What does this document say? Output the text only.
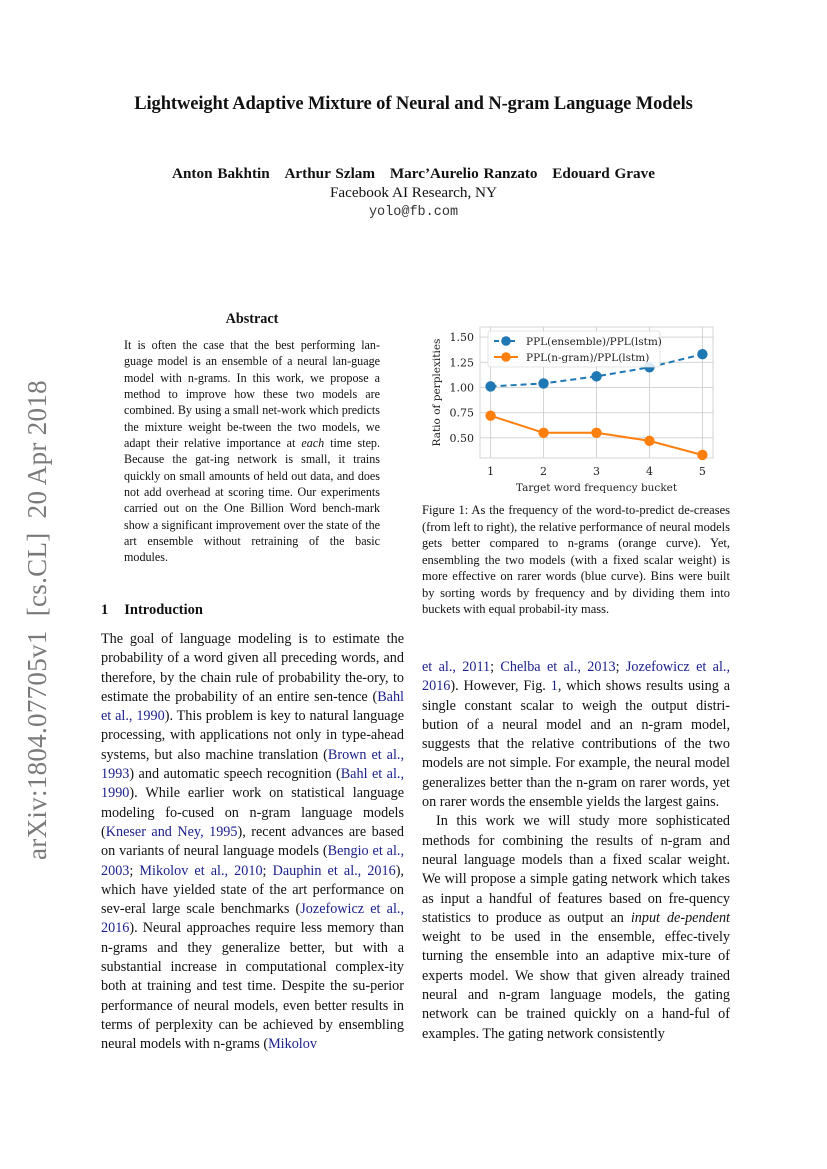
Lightweight Adaptive Mixture of Neural and N-gram Language Models
Anton Bakhtin Arthur Szlam Marc’Aurelio Ranzato Edouard Grave
Facebook AI Research, NY
yolo@fb.com
arXiv:1804.07705v1  [cs.CL]  20 Apr 2018
Abstract
It is often the case that the best performing lan-guage model is an ensemble of a neural lan-guage model with n-grams. In this work, we propose a method to improve how these two models are combined. By using a small net-work which predicts the mixture weight be-tween the two models, we adapt their relative importance at each time step. Because the gat-ing network is small, it trains quickly on small amounts of held out data, and does not add overhead at scoring time. Our experiments carried out on the One Billion Word bench-mark show a significant improvement over the state of the art ensemble without retraining of the basic modules.
1 Introduction

The goal of language modeling is to estimate the probability of a word given all preceding words, and therefore, by the chain rule of probability the-ory, to estimate the probability of an entire sen-tence (Bahl et al., 1990). This problem is key to natural language processing, with applications not only in type-ahead systems, but also machine translation (Brown et al., 1993) and automatic speech recognition (Bahl et al., 1990). While earlier work on statistical language modeling fo-cused on n-gram language models (Kneser and Ney, 1995), recent advances are based on variants of neural language models (Bengio et al., 2003; Mikolov et al., 2010; Dauphin et al., 2016), which have yielded state of the art performance on sev-eral large scale benchmarks (Jozefowicz et al., 2016). Neural approaches require less memory than n-grams and they generalize better, but with a substantial increase in computational complex-ity both at training and test time. Despite the su-perior performance of neural models, even better results in terms of perplexity can be achieved by ensembling neural models with n-grams (Mikolov

0.50
0.75
1.00
1.25
1.50
1	2	3	4	5
Target word frequency bucket
Ratio of perplexities	PPL(ensemble)/PPL(lstm)
PPL(n-gram)/PPL(lstm)
Figure 1: As the frequency of the word-to-predict de-creases (from left to right), the relative performance of neural models gets better compared to n-grams (orange curve). Yet, ensembling the two models (with a fixed scalar weight) is more effective on rarer words (blue curve). Bins were built by sorting words by frequency and by dividing them into buckets with equal probabil-ity mass.

et al., 2011; Chelba et al., 2013; Jozefowicz et al., 2016). However, Fig. 1, which shows results using a single constant scalar to weigh the output distri-bution of a neural model and an n-gram model, suggests that the relative contributions of the two models are not simple. For example, the neural model generalizes better than the n-gram on rarer words, yet on rarer words the ensemble yields the largest gains.

In this work we will study more sophisticated methods for combining the results of n-gram and neural language models than a fixed scalar weight. We will propose a simple gating network which takes as input a handful of features based on fre-quency statistics to produce as output an input de-pendent weight to be used in the ensemble, effec-tively turning the ensemble into an adaptive mix-ture of experts model. We show that given already trained neural and n-gram language models, the gating network can be trained quickly on a hand-ful of examples. The gating network consistently
